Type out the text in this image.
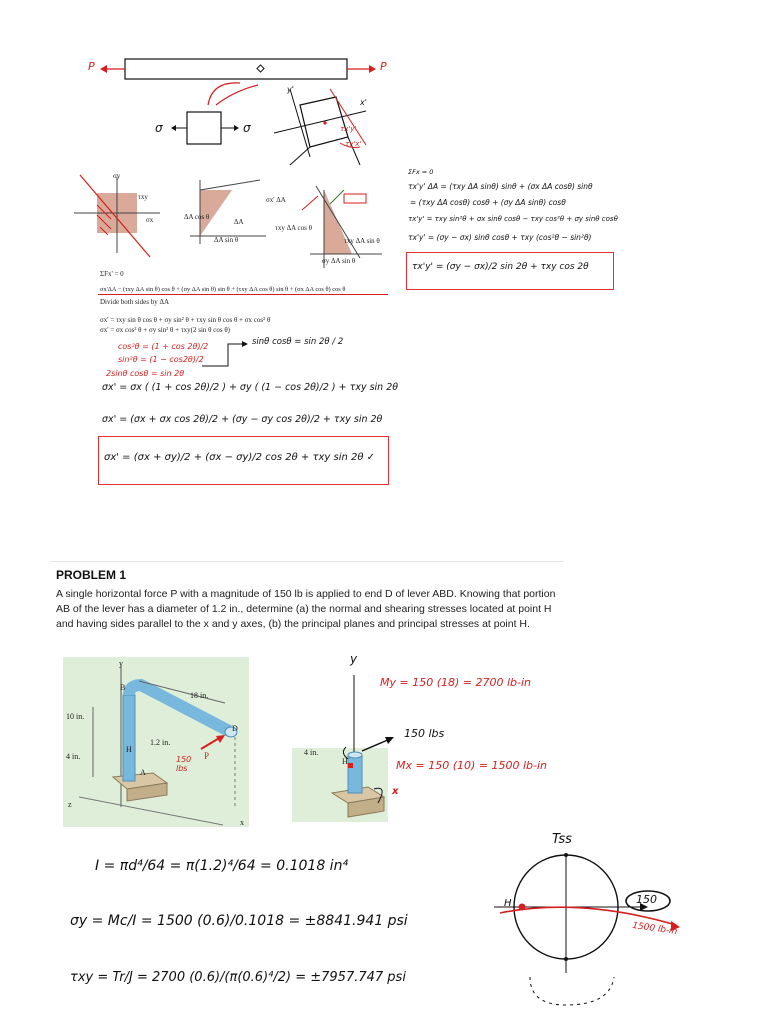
P	P
σ	σ
y'
x'
τx'y'
τy'x'
σy
τxy
σx	ΔA cos θ
ΔA
ΔA sin θ
σx' ΔA
τxy ΔA cos θ
τxy ΔA sin θ
σy ΔA sin θ
ΣFx' = 0
σx'ΔA − (τxy ΔA sin θ) cos θ + (σy ΔA sin θ) sin θ + (τxy ΔA cos θ) sin θ + (σx ΔA cos θ) cos θ
Divide both sides by ΔA
σx' = τxy sin θ cos θ + σy sin² θ + τxy sin θ cos θ + σx cos² θ
σx' = σx cos² θ + σy sin² θ + τxy(2 sin θ cos θ)
cos²θ = (1 + cos 2θ)/2
sin²θ = (1 − cos2θ)/2
2sinθ cosθ = sin 2θ
sinθ cosθ = sin 2θ / 2
σx' = σx ( (1 + cos 2θ)/2 ) + σy ( (1 − cos 2θ)/2 ) + τxy sin 2θ
σx' = (σx + σx cos 2θ)/2 + (σy − σy cos 2θ)/2 + τxy sin 2θ
σx' = (σx + σy)/2 + (σx − σy)/2 cos 2θ + τxy sin 2θ ✓
ΣFx = 0
τx'y' ΔA = (τxy ΔA sinθ) sinθ + (σx ΔA cosθ) sinθ
= (τxy ΔA cosθ) cosθ + (σy ΔA sinθ) cosθ
τx'y' = τxy sin²θ + σx sinθ cosθ − τxy cos²θ + σy sinθ cosθ
τx'y' = (σy − σx) sinθ cosθ + τxy (cos²θ − sin²θ)
τx'y' = (σy − σx)/2 sin 2θ + τxy cos 2θ
PROBLEM 1
A single horizontal force P with a magnitude of 150 lb is applied to end D of lever ABD. Knowing that portion AB of the lever has a diameter of 1.2 in., determine (a) the normal and shearing stresses located at point H and having sides parallel to the x and y axes, (b) the principal planes and principal stresses at point H.
18 in.
10 in.
4 in.
1.2 in.
P
150 lbs
y
B
D
H
A
z
x
y
4 in.
H
x
My = 150 (18) = 2700 lb-in
150 lbs
Mx = 150 (10) = 1500 lb-in
I = πd⁴/64 = π(1.2)⁴/64 = 0.1018 in⁴
σy = Mc/I = 1500 (0.6)/0.1018 = ±8841.941 psi
τxy = Tr/J = 2700 (0.6)/(π(0.6)⁴/2) = ±7957.747 psi
Tss
H	150
1500 lb-in
